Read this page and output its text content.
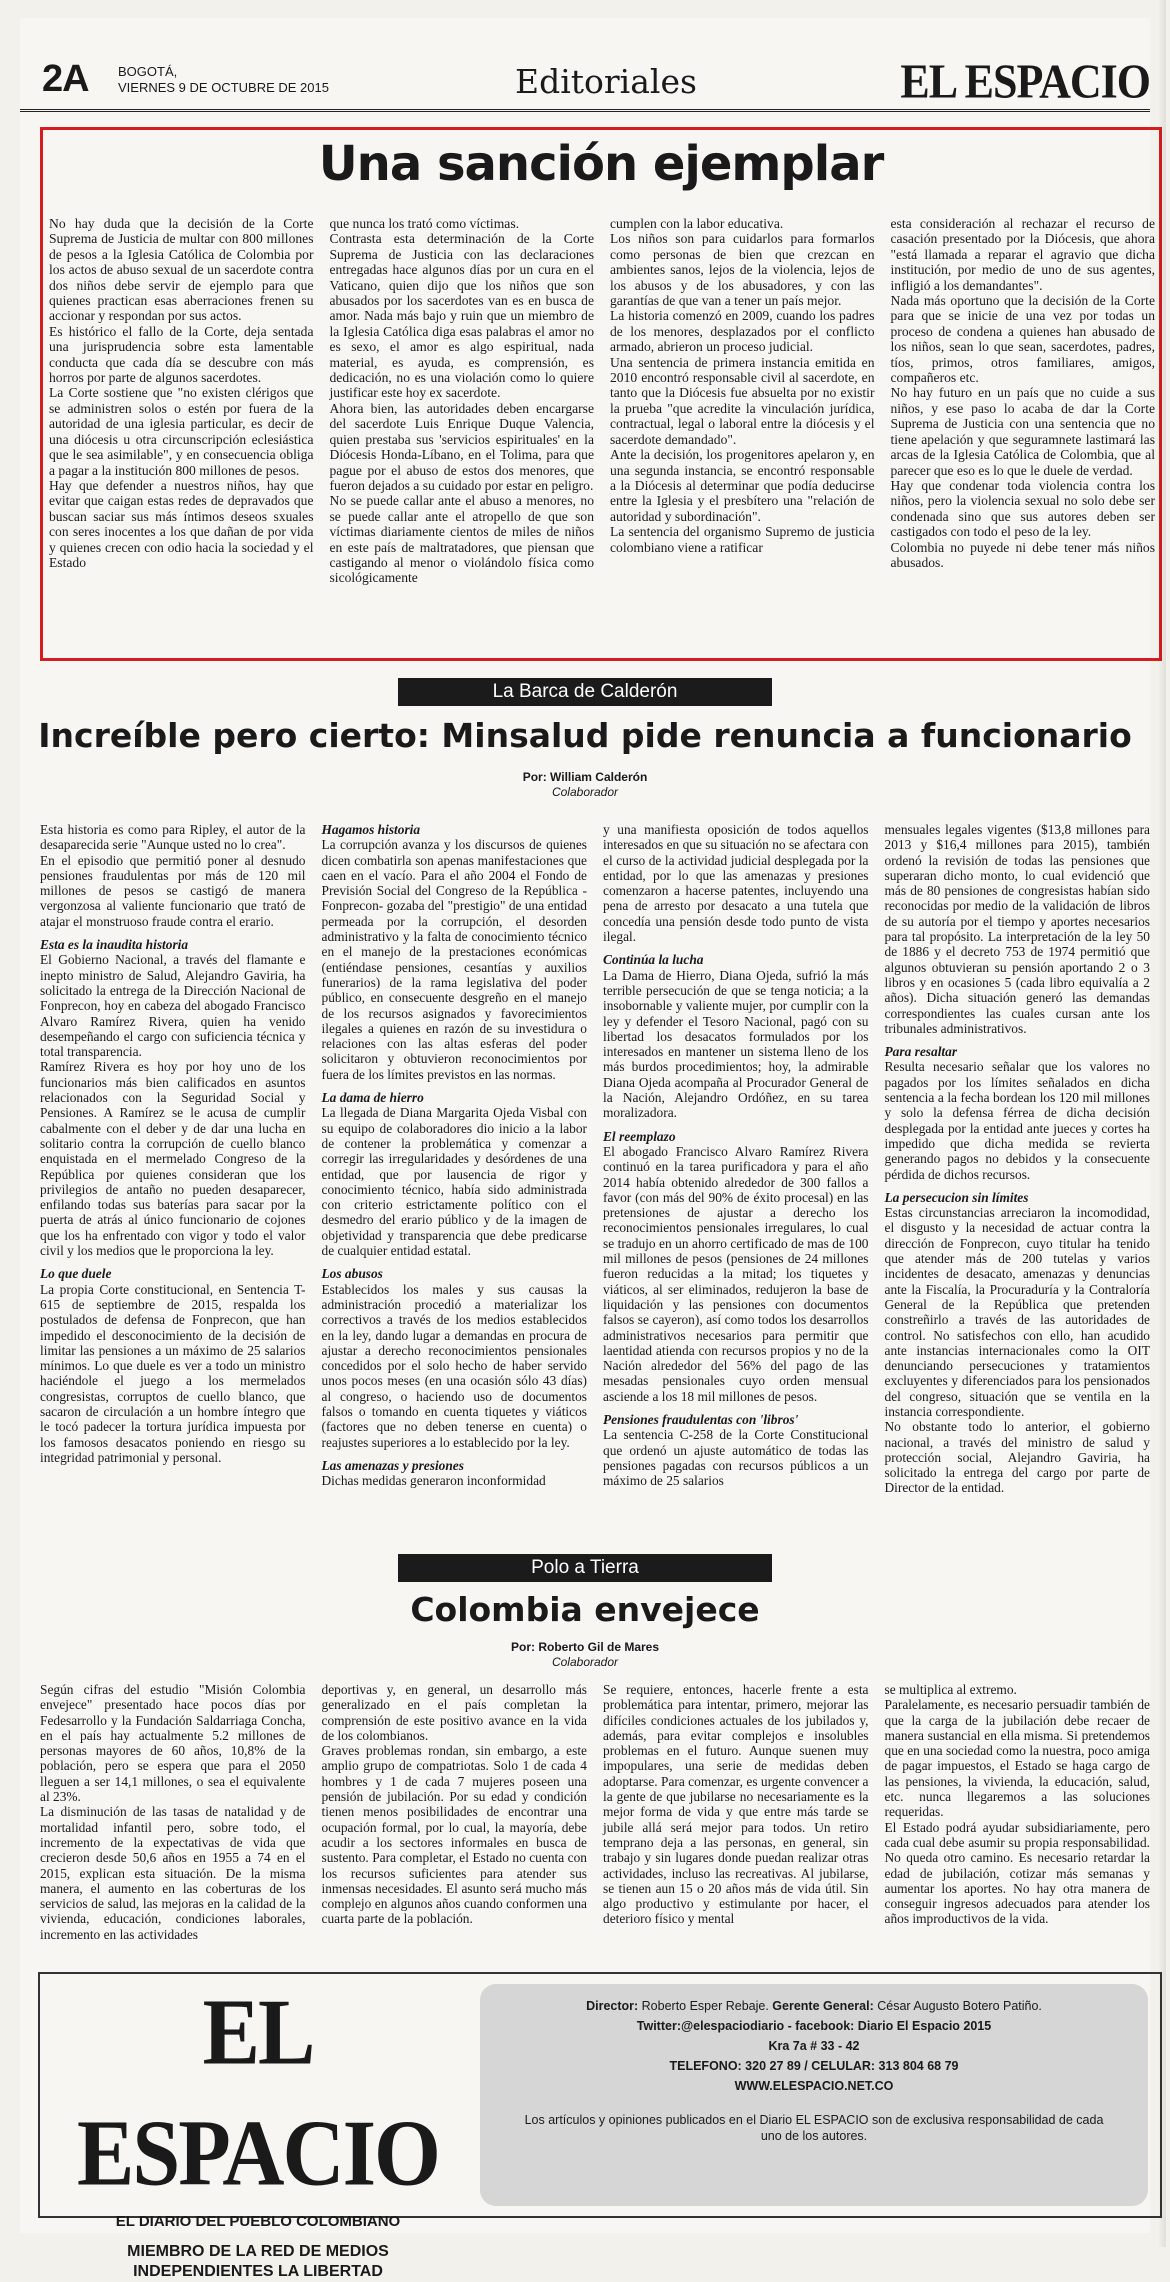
2A BOGOTÁ,
VIERNES 9 DE OCTUBRE DE 2015	Editoriales	EL ESPACIO
Una sanción ejemplar

No hay duda que la decisión de la Corte Suprema de Justicia de multar con 800 millones de pesos a la Iglesia Católica de Colombia por los actos de abuso sexual de un sacerdote contra dos niños debe servir de ejemplo para que quienes practican esas aberraciones frenen su accionar y respondan por sus actos.

Es histórico el fallo de la Corte, deja sentada una jurisprudencia sobre esta lamentable conducta que cada día se descubre con más horros por parte de algunos sacerdotes.

La Corte sostiene que "no existen clérigos que se administren solos o estén por fuera de la autoridad de una iglesia particular, es decir de una diócesis u otra circunscripción eclesiástica que le sea asimilable", y en consecuencia obliga a pagar a la institución 800 millones de pesos.

Hay que defender a nuestros niños, hay que evitar que caigan estas redes de depravados que buscan saciar sus más íntimos deseos sxuales con seres inocentes a los que dañan de por vida y quienes crecen con odio hacia la sociedad y el Estado

que nunca los trató como víctimas.

Contrasta esta determinación de la Corte Suprema de Justicia con las declaraciones entregadas hace algunos días por un cura en el Vaticano, quien dijo que los niños que son abusados por los sacerdotes van es en busca de amor. Nada más bajo y ruin que un miembro de la Iglesia Católica diga esas palabras el amor no es sexo, el amor es algo espiritual, nada material, es ayuda, es comprensión, es dedicación, no es una violación como lo quiere justificar este hoy ex sacerdote.

Ahora bien, las autoridades deben encargarse del sacerdote Luis Enrique Duque Valencia, quien prestaba sus 'servicios espirituales' en la Diócesis Honda-Líbano, en el Tolima, para que pague por el abuso de estos dos menores, que fueron dejados a su cuidado por estar en peligro.

No se puede callar ante el abuso a menores, no se puede callar ante el atropello de que son víctimas diariamente cientos de miles de niños en este país de maltratadores, que piensan que castigando al menor o violándolo física como sicológicamente

cumplen con la labor educativa.

Los niños son para cuidarlos para formarlos como personas de bien que crezcan en ambientes sanos, lejos de la violencia, lejos de los abusos y de los abusadores, y con las garantías de que van a tener un país mejor.

La historia comenzó en 2009, cuando los padres de los menores, desplazados por el conflicto armado, abrieron un proceso judicial.

Una sentencia de primera instancia emitida en 2010 encontró responsable civil al sacerdote, en tanto que la Diócesis fue absuelta por no existir la prueba "que acredite la vinculación jurídica, contractual, legal o laboral entre la diócesis y el sacerdote demandado".

Ante la decisión, los progenitores apelaron y, en una segunda instancia, se encontró responsable a la Diócesis al determinar que podía deducirse entre la Iglesia y el presbítero una "relación de autoridad y subordinación".

La sentencia del organismo Supremo de justicia colombiano viene a ratificar

esta consideración al rechazar el recurso de casación presentado por la Diócesis, que ahora "está llamada a reparar el agravio que dicha institución, por medio de uno de sus agentes, infligió a los demandantes".

Nada más oportuno que la decisión de la Corte para que se inicie de una vez por todas un proceso de condena a quienes han abusado de los niños, sean lo que sean, sacerdotes, padres, tíos, primos, otros familiares, amigos, compañeros etc.

No hay futuro en un país que no cuide a sus niños, y ese paso lo acaba de dar la Corte Suprema de Justicia con una sentencia que no tiene apelación y que seguramnete lastimará las arcas de la Iglesia Católica de Colombia, que al parecer que eso es lo que le duele de verdad.

Hay que condenar toda violencia contra los niños, pero la violencia sexual no solo debe ser condenada sino que sus autores deben ser castigados con todo el peso de la ley.

Colombia no puyede ni debe tener más niños abusados.

La Barca de Calderón
Increíble pero cierto: Minsalud pide renuncia a funcionario
Por: William Calderón
Colaborador

Esta historia es como para Ripley, el autor de la desaparecida serie "Aunque usted no lo crea".

En el episodio que permitió poner al desnudo pensiones fraudulentas por más de 120 mil millones de pesos se castigó de manera vergonzosa al valiente funcionario que trató de atajar el monstruoso fraude contra el erario.

Esta es la inaudita historia

El Gobierno Nacional, a través del flamante e inepto ministro de Salud, Alejandro Gaviria, ha solicitado la entrega de la Dirección Nacional de Fonprecon, hoy en cabeza del abogado Francisco Alvaro Ramírez Rivera, quien ha venido desempeñando el cargo con suficiencia técnica y total transparencia.

Ramírez Rivera es hoy por hoy uno de los funcionarios más bien calificados en asuntos relacionados con la Seguridad Social y Pensiones. A Ramírez se le acusa de cumplir cabalmente con el deber y de dar una lucha en solitario contra la corrupción de cuello blanco enquistada en el mermelado Congreso de la República por quienes consideran que los privilegios de antaño no pueden desaparecer, enfilando todas sus baterías para sacar por la puerta de atrás al único funcionario de cojones que los ha enfrentado con vigor y todo el valor civil y los medios que le proporciona la ley.

Lo que duele

La propia Corte constitucional, en Sentencia T-615 de septiembre de 2015, respalda los postulados de defensa de Fonprecon, que han impedido el desconocimiento de la decisión de limitar las pensiones a un máximo de 25 salarios mínimos. Lo que duele es ver a todo un ministro haciéndole el juego a los mermelados congresistas, corruptos de cuello blanco, que sacaron de circulación a un hombre íntegro que le tocó padecer la tortura jurídica impuesta por los famosos desacatos poniendo en riesgo su integridad patrimonial y personal.

Hagamos historia

La corrupción avanza y los discursos de quienes dicen combatirla son apenas manifestaciones que caen en el vacío. Para el año 2004 el Fondo de Previsión Social del Congreso de la República - Fonprecon- gozaba del "prestigio" de una entidad permeada por la corrupción, el desorden administrativo y la falta de conocimiento técnico en el manejo de la prestaciones económicas (entiéndase pensiones, cesantías y auxilios funerarios) de la rama legislativa del poder público, en consecuente desgreño en el manejo de los recursos asignados y favorecimientos ilegales a quienes en razón de su investidura o relaciones con las altas esferas del poder solicitaron y obtuvieron reconocimientos por fuera de los límites previstos en las normas.

La dama de hierro

La llegada de Diana Margarita Ojeda Visbal con su equipo de colaboradores dio inicio a la labor de contener la problemática y comenzar a corregir las irregularidades y desórdenes de una entidad, que por lausencia de rigor y conocimiento técnico, había sido administrada con criterio estrictamente político con el desmedro del erario público y de la imagen de objetividad y transparencia que debe predicarse de cualquier entidad estatal.

Los abusos

Establecidos los males y sus causas la administración procedió a materializar los correctivos a través de los medios establecidos en la ley, dando lugar a demandas en procura de ajustar a derecho reconocimientos pensionales concedidos por el solo hecho de haber servido unos pocos meses (en una ocasión sólo 43 días) al congreso, o haciendo uso de documentos falsos o tomando en cuenta tiquetes y viáticos (factores que no deben tenerse en cuenta) o reajustes superiores a lo establecido por la ley.

Las amenazas y presiones

Dichas medidas generaron inconformidad

y una manifiesta oposición de todos aquellos interesados en que su situación no se afectara con el curso de la actividad judicial desplegada por la entidad, por lo que las amenazas y presiones comenzaron a hacerse patentes, incluyendo una pena de arresto por desacato a una tutela que concedía una pensión desde todo punto de vista ilegal.

Continúa la lucha

La Dama de Hierro, Diana Ojeda, sufrió la más terrible persecución de que se tenga noticia; a la insobornable y valiente mujer, por cumplir con la ley y defender el Tesoro Nacional, pagó con su libertad los desacatos formulados por los interesados en mantener un sistema lleno de los más burdos procedimientos; hoy, la admirable Diana Ojeda acompaña al Procurador General de la Nación, Alejandro Ordóñez, en su tarea moralizadora.

El reemplazo

El abogado Francisco Alvaro Ramírez Rivera continuó en la tarea purificadora y para el año 2014 había obtenido alrededor de 300 fallos a favor (con más del 90% de éxito procesal) en las pretensiones de ajustar a derecho los reconocimientos pensionales irregulares, lo cual se tradujo en un ahorro certificado de mas de 100 mil millones de pesos (pensiones de 24 millones fueron reducidas a la mitad; los tiquetes y viáticos, al ser eliminados, redujeron la base de liquidación y las pensiones con documentos falsos se cayeron), así como todos los desarrollos administrativos necesarios para permitir que laentidad atienda con recursos propios y no de la Nación alrededor del 56% del pago de las mesadas pensionales cuyo orden mensual asciende a los 18 mil millones de pesos.

Pensiones fraudulentas con 'libros'

La sentencia C-258 de la Corte Constitucional que ordenó un ajuste automático de todas las pensiones pagadas con recursos públicos a un máximo de 25 salarios

mensuales legales vigentes ($13,8 millones para 2013 y $16,4 millones para 2015), también ordenó la revisión de todas las pensiones que superaran dicho monto, lo cual evidenció que más de 80 pensiones de congresistas habían sido reconocidas por medio de la validación de libros de su autoría por el tiempo y aportes necesarios para tal propósito. La interpretación de la ley 50 de 1886 y el decreto 753 de 1974 permitió que algunos obtuvieran su pensión aportando 2 o 3 libros y en ocasiones 5 (cada libro equivalía a 2 años). Dicha situación generó las demandas correspondientes las cuales cursan ante los tribunales administrativos.

Para resaltar

Resulta necesario señalar que los valores no pagados por los límites señalados en dicha sentencia a la fecha bordean los 120 mil millones y solo la defensa férrea de dicha decisión desplegada por la entidad ante jueces y cortes ha impedido que dicha medida se revierta generando pagos no debidos y la consecuente pérdida de dichos recursos.

La persecucion sin límites

Estas circunstancias arreciaron la incomodidad, el disgusto y la necesidad de actuar contra la dirección de Fonprecon, cuyo titular ha tenido que atender más de 200 tutelas y varios incidentes de desacato, amenazas y denuncias ante la Fiscalía, la Procuraduría y la Contraloría General de la República que pretenden constreñirlo a través de las autoridades de control. No satisfechos con ello, han acudido ante instancias internacionales como la OIT denunciando persecuciones y tratamientos excluyentes y diferenciados para los pensionados del congreso, situación que se ventila en la instancia correspondiente.

No obstante todo lo anterior, el gobierno nacional, a través del ministro de salud y protección social, Alejandro Gaviria, ha solicitado la entrega del cargo por parte de Director de la entidad.

Polo a Tierra
Colombia envejece
Por: Roberto Gil de Mares
Colaborador

Según cifras del estudio "Misión Colombia envejece" presentado hace pocos días por Fedesarrollo y la Fundación Saldarriaga Concha, en el país hay actualmente 5.2 millones de personas mayores de 60 años, 10,8% de la población, pero se espera que para el 2050 lleguen a ser 14,1 millones, o sea el equivalente al 23%.

La disminución de las tasas de natalidad y de mortalidad infantil pero, sobre todo, el incremento de la expectativas de vida que crecieron desde 50,6 años en 1955 a 74 en el 2015, explican esta situación. De la misma manera, el aumento en las coberturas de los servicios de salud, las mejoras en la calidad de la vivienda, educación, condiciones laborales, incremento en las actividades

deportivas y, en general, un desarrollo más generalizado en el país completan la comprensión de este positivo avance en la vida de los colombianos.

Graves problemas rondan, sin embargo, a este amplio grupo de compatriotas. Solo 1 de cada 4 hombres y 1 de cada 7 mujeres poseen una pensión de jubilación. Por su edad y condición tienen menos posibilidades de encontrar una ocupación formal, por lo cual, la mayoría, debe acudir a los sectores informales en busca de sustento. Para completar, el Estado no cuenta con los recursos suficientes para atender sus inmensas necesidades. El asunto será mucho más complejo en algunos años cuando conformen una cuarta parte de la población.

Se requiere, entonces, hacerle frente a esta problemática para intentar, primero, mejorar las difíciles condiciones actuales de los jubilados y, además, para evitar complejos e insolubles problemas en el futuro. Aunque suenen muy impopulares, una serie de medidas deben adoptarse. Para comenzar, es urgente convencer a la gente de que jubilarse no necesariamente es la mejor forma de vida y que entre más tarde se jubile allá será mejor para todos. Un retiro temprano deja a las personas, en general, sin trabajo y sin lugares donde puedan realizar otras actividades, incluso las recreativas. Al jubilarse, se tienen aun 15 o 20 años más de vida útil. Sin algo productivo y estimulante por hacer, el deterioro físico y mental

se multiplica al extremo.

Paralelamente, es necesario persuadir también de que la carga de la jubilación debe recaer de manera sustancial en ella misma. Si pretendemos que en una sociedad como la nuestra, poco amiga de pagar impuestos, el Estado se haga cargo de las pensiones, la vivienda, la educación, salud, etc. nunca llegaremos a las soluciones requeridas.

El Estado podrá ayudar subsidiariamente, pero cada cual debe asumir su propia responsabilidad. No queda otro camino. Es necesario retardar la edad de jubilación, cotizar más semanas y aumentar los aportes. No hay otra manera de conseguir ingresos adecuados para atender los años improductivos de la vida.

EL ESPACIO
EL DIARIO DEL PUEBLO COLOMBIANO
MIEMBRO DE LA RED DE MEDIOS INDEPENDIENTES LA LIBERTAD
Director: Roberto Esper Rebaje. Gerente General: César Augusto Botero Patiño.
Twitter:@elespaciodiario - facebook: Diario El Espacio 2015
Kra 7a # 33 - 42
TELEFONO: 320 27 89 / CELULAR: 313 804 68 79
WWW.ELESPACIO.NET.CO
Los artículos y opiniones publicados en el Diario EL ESPACIO son de exclusiva responsabilidad de cada uno de los autores.
